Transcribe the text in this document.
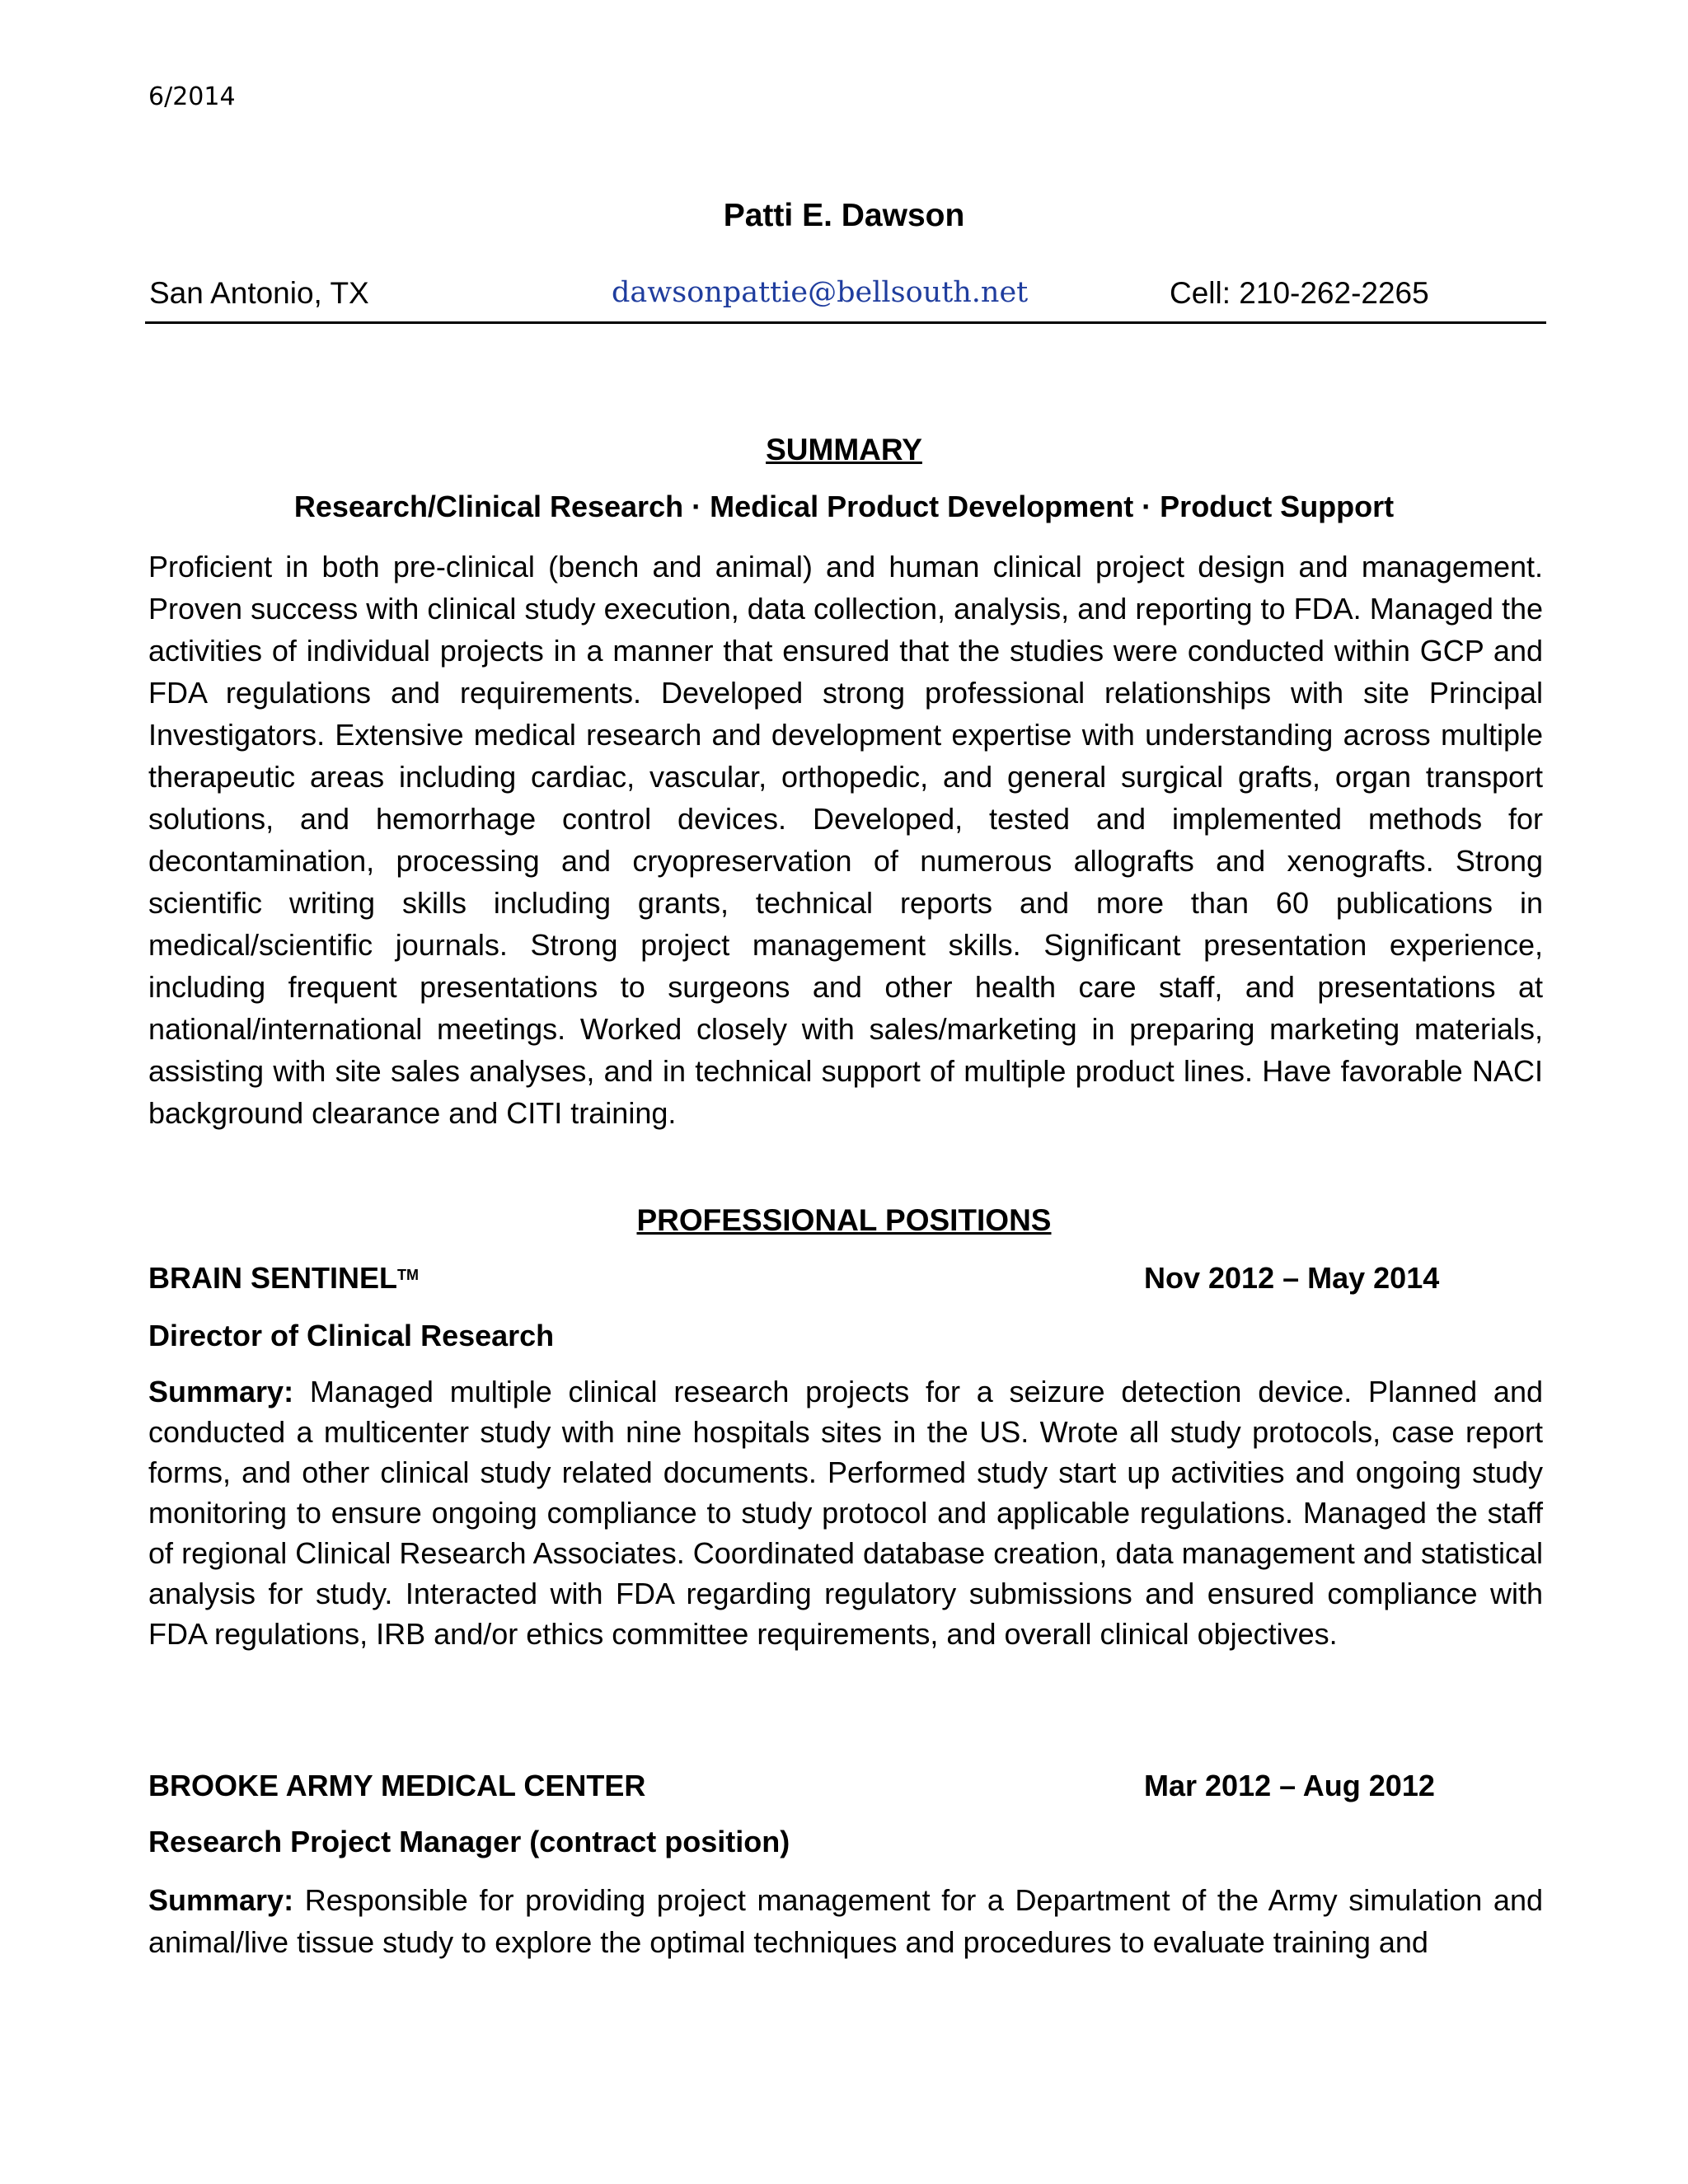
6/2014
Patti E. Dawson
San Antonio, TX	dawsonpattie@bellsouth.net	Cell: 210-262-2265
SUMMARY
Research/Clinical Research · Medical Product Development · Product Support
Proficient in both pre-clinical (bench and animal) and human clinical project design and management. Proven success with clinical study execution, data collection, analysis, and reporting to FDA. Managed the activities of individual projects in a manner that ensured that the studies were conducted within GCP and FDA regulations and requirements. Developed strong professional relationships with site Principal Investigators. Extensive medical research and development expertise with understanding across multiple therapeutic areas including cardiac, vascular, orthopedic, and general surgical grafts, organ transport solutions, and hemorrhage control devices. Developed, tested and implemented methods for decontamination, processing and cryopreservation of numerous allografts and xenografts. Strong scientific writing skills including grants, technical reports and more than 60 publications in medical/scientific journals. Strong project management skills. Significant presentation experience, including frequent presentations to surgeons and other health care staff, and presentations at national/international meetings. Worked closely with sales/marketing in preparing marketing materials, assisting with site sales analyses, and in technical support of multiple product lines. Have favorable NACI background clearance and CITI training.
PROFESSIONAL POSITIONS
BRAIN SENTINEL™	Nov 2012 – May 2014
Director of Clinical Research
Summary: Managed multiple clinical research projects for a seizure detection device. Planned and conducted a multicenter study with nine hospitals sites in the US. Wrote all study protocols, case report forms, and other clinical study related documents. Performed study start up activities and ongoing study monitoring to ensure ongoing compliance to study protocol and applicable regulations. Managed the staff of regional Clinical Research Associates. Coordinated database creation, data management and statistical analysis for study. Interacted with FDA regarding regulatory submissions and ensured compliance with FDA regulations, IRB and/or ethics committee requirements, and overall clinical objectives.
BROOKE ARMY MEDICAL CENTER	Mar 2012 – Aug 2012
Research Project Manager (contract position)
Summary: Responsible for providing project management for a Department of the Army simulation and animal/live tissue study to explore the optimal techniques and procedures to evaluate training and
